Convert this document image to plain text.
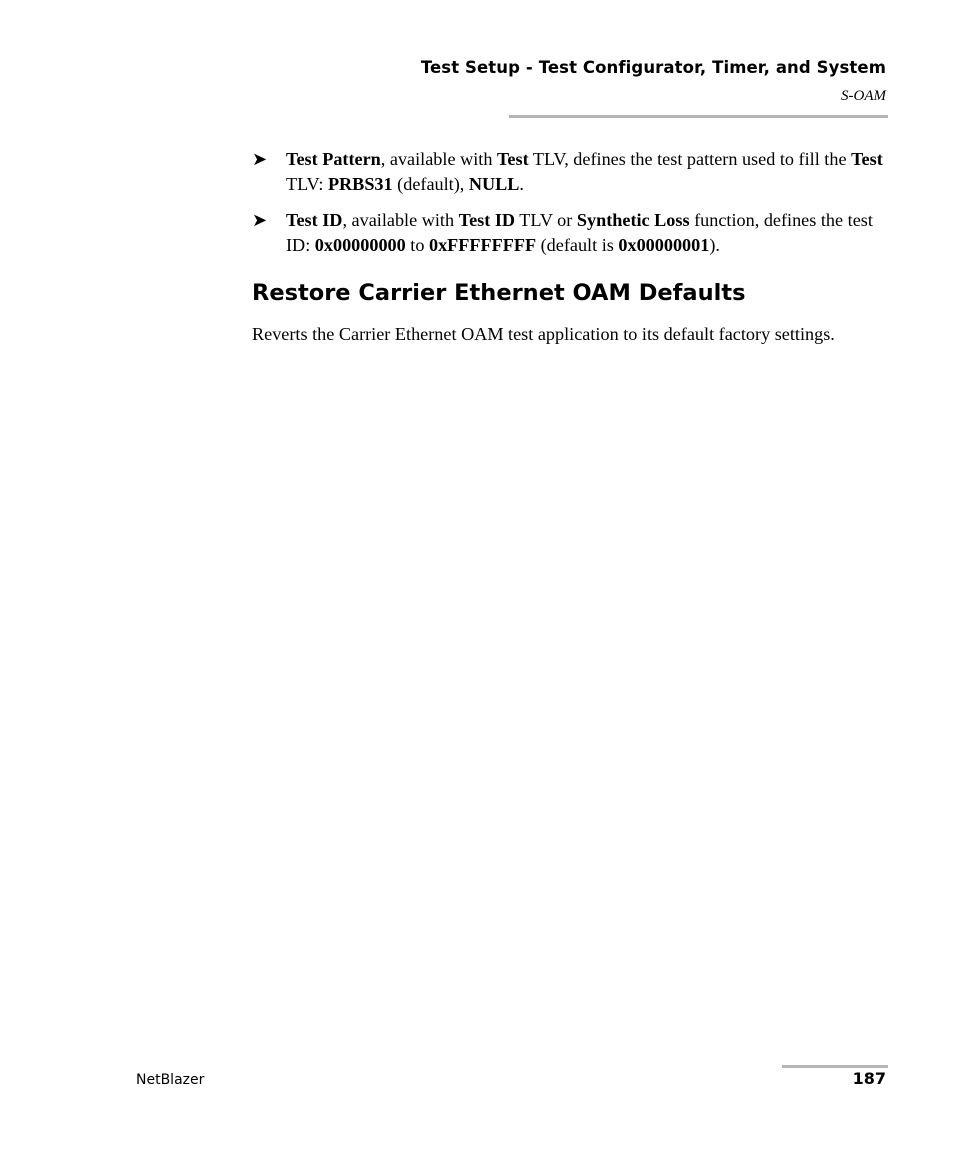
Test Setup - Test Configurator, Timer, and System
S-OAM
➤ Test Pattern, available with Test TLV, defines the test pattern used to fill the Test TLV: PRBS31 (default), NULL.
➤ Test ID, available with Test ID TLV or Synthetic Loss function, defines the test ID: 0x00000000 to 0xFFFFFFFF (default is 0x00000001).
Restore Carrier Ethernet OAM Defaults

Reverts the Carrier Ethernet OAM test application to its default factory settings.

NetBlazer	187
